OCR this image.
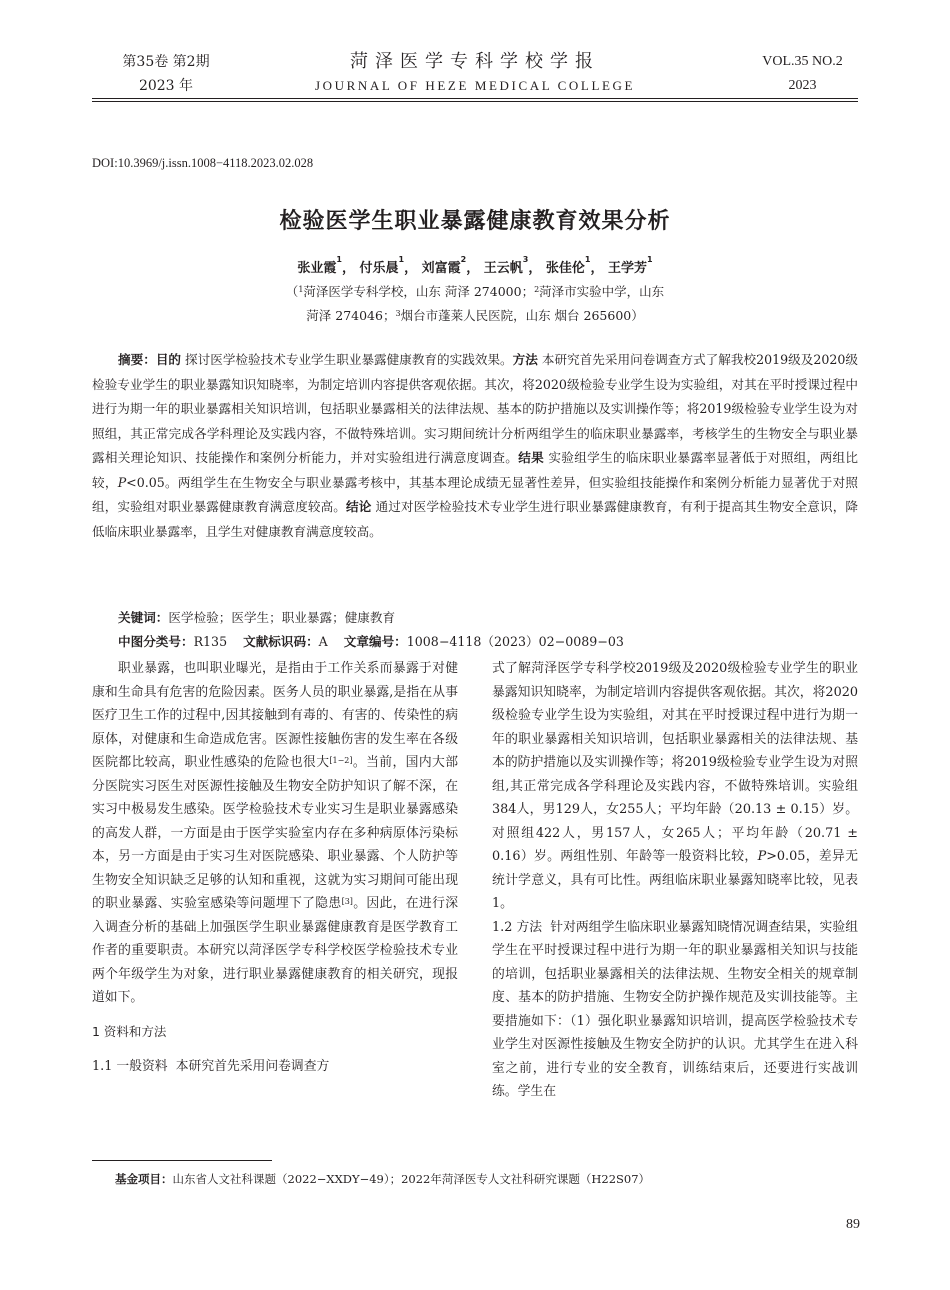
第35卷 第2期
2023 年
菏泽医学专科学校学报
JOURNAL OF HEZE MEDICAL COLLEGE
VOL.35 NO.2
2023
DOI:10.3969/j.issn.1008−4118.2023.02.028
检验医学生职业暴露健康教育效果分析
张业霞$^1$， 付乐晨$^1$， 刘富霞$^2$， 王云帆$^3$， 张佳伦$^1$， 王学芳$^1$
（$^1$菏泽医学专科学校，山东 菏泽 274000；$^2$菏泽市实验中学，山东
菏泽 274046；$^3$烟台市蓬莱人民医院，山东 烟台 265600）

摘要：目的 探讨医学检验技术专业学生职业暴露健康教育的实践效果。方法 本研究首先采用问卷调查方式了解我校2019级及2020级检验专业学生的职业暴露知识知晓率，为制定培训内容提供客观依据。其次，将2020级检验专业学生设为实验组，对其在平时授课过程中进行为期一年的职业暴露相关知识培训，包括职业暴露相关的法律法规、基本的防护措施以及实训操作等；将2019级检验专业学生设为对照组，其正常完成各学科理论及实践内容，不做特殊培训。实习期间统计分析两组学生的临床职业暴露率，考核学生的生物安全与职业暴露相关理论知识、技能操作和案例分析能力，并对实验组进行满意度调查。结果 实验组学生的临床职业暴露率显著低于对照组，两组比较，P<0.05。两组学生在生物安全与职业暴露考核中，其基本理论成绩无显著性差异，但实验组技能操作和案例分析能力显著优于对照组，实验组对职业暴露健康教育满意度较高。结论 通过对医学检验技术专业学生进行职业暴露健康教育，有利于提高其生物安全意识，降低临床职业暴露率，且学生对健康教育满意度较高。

关键词：医学检验；医学生；职业暴露；健康教育
中图分类号：R135 文献标识码：A 文章编号：1008−4118（2023）02−0089−03

职业暴露，也叫职业曝光，是指由于工作关系而暴露于对健康和生命具有危害的危险因素。医务人员的职业暴露,是指在从事医疗卫生工作的过程中,因其接触到有毒的、有害的、传染性的病原体，对健康和生命造成危害。医源性接触伤害的发生率在各级医院都比较高，职业性感染的危险也很大[1−2]。当前，国内大部分医院实习医生对医源性接触及生物安全防护知识了解不深，在实习中极易发生感染。医学检验技术专业实习生是职业暴露感染的高发人群，一方面是由于医学实验室内存在多种病原体污染标本，另一方面是由于实习生对医院感染、职业暴露、个人防护等生物安全知识缺乏足够的认知和重视，这就为实习期间可能出现的职业暴露、实验室感染等问题埋下了隐患[3]。因此，在进行深入调查分析的基础上加强医学生职业暴露健康教育是医学教育工作者的重要职责。本研究以菏泽医学专科学校医学检验技术专业两个年级学生为对象，进行职业暴露健康教育的相关研究，现报道如下。

1 资料和方法

1.1 一般资料 本研究首先采用问卷调查方

基金项目：山东省人文社科课题（2022−XXDY−49）；2022年菏泽医专人文社科研究课题（H22S07）
89

式了解菏泽医学专科学校2019级及2020级检验专业学生的职业暴露知识知晓率，为制定培训内容提供客观依据。其次，将2020级检验专业学生设为实验组，对其在平时授课过程中进行为期一年的职业暴露相关知识培训，包括职业暴露相关的法律法规、基本的防护措施以及实训操作等；将2019级检验专业学生设为对照组,其正常完成各学科理论及实践内容，不做特殊培训。实验组384人，男129人，女255人；平均年龄（20.13 ± 0.15）岁。对照组422人，男157人，女265人；平均年龄（20.71 ± 0.16）岁。两组性别、年龄等一般资料比较，P>0.05，差异无统计学意义，具有可比性。两组临床职业暴露知晓率比较，见表1。

1.2 方法 针对两组学生临床职业暴露知晓情况调查结果，实验组学生在平时授课过程中进行为期一年的职业暴露相关知识与技能的培训，包括职业暴露相关的法律法规、生物安全相关的规章制度、基本的防护措施、生物安全防护操作规范及实训技能等。主要措施如下：（1）强化职业暴露知识培训，提高医学检验技术专业学生对医源性接触及生物安全防护的认识。尤其学生在进入科室之前，进行专业的安全教育，训练结束后，还要进行实战训练。学生在
